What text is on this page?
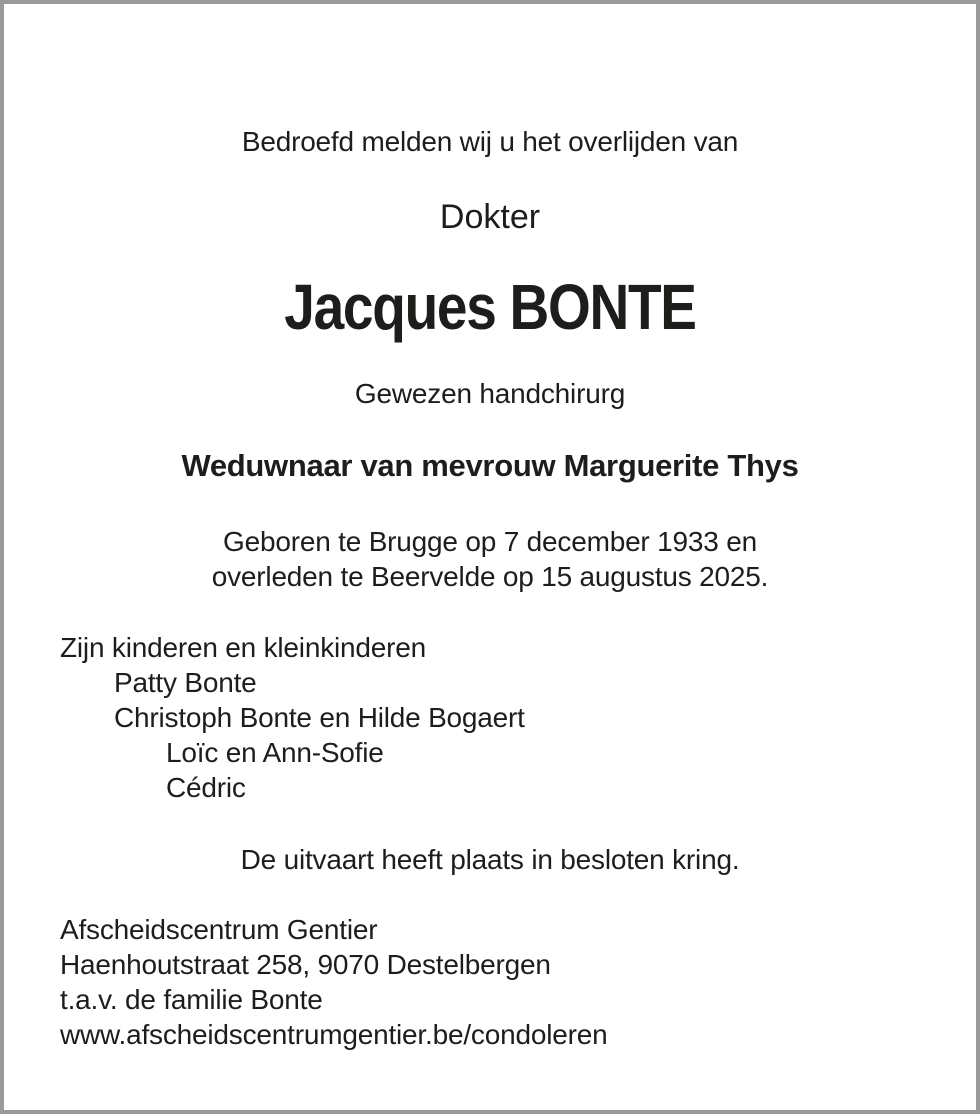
Bedroefd melden wij u het overlijden van
Dokter
Jacques BONTE
Gewezen handchirurg
Weduwnaar van mevrouw Marguerite Thys
Geboren te Brugge op 7 december 1933 en
overleden te Beervelde op 15 augustus 2025.
Zijn kinderen en kleinkinderen
Patty Bonte
Christoph Bonte en Hilde Bogaert
Loïc en Ann-Sofie
Cédric
De uitvaart heeft plaats in besloten kring.
Afscheidscentrum Gentier
Haenhoutstraat 258, 9070 Destelbergen
t.a.v. de familie Bonte
www.afscheidscentrumgentier.be/condoleren
